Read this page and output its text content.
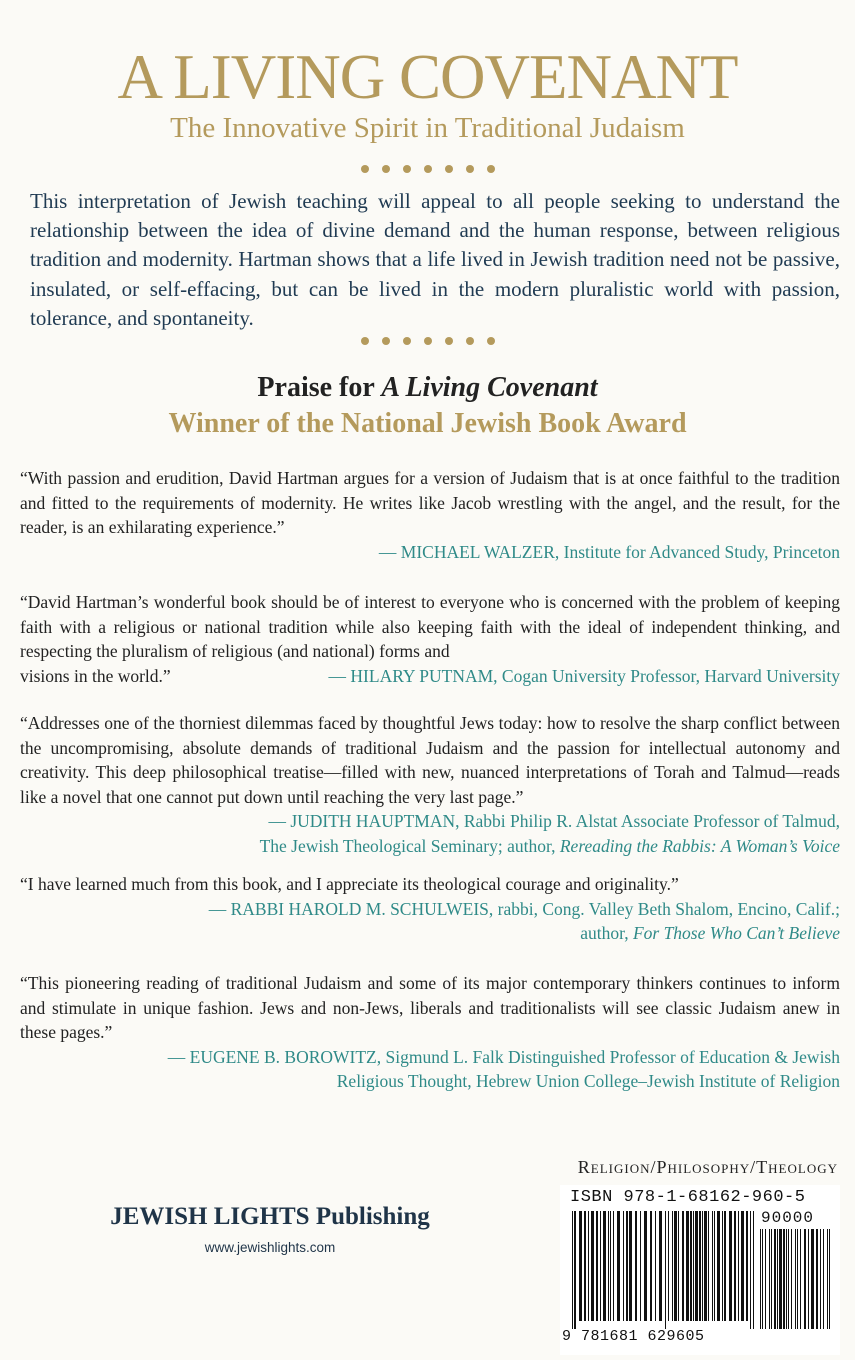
A LIVING COVENANT
The Innovative Spirit in Traditional Judaism

This interpretation of Jewish teaching will appeal to all people seeking to understand the relationship between the idea of divine demand and the human response, between religious tradition and modernity. Hartman shows that a life lived in Jewish tradition need not be passive, insulated, or self-effacing, but can be lived in the modern pluralistic world with passion, tolerance, and spontaneity.

Praise for A Living Covenant
Winner of the National Jewish Book Award

“With passion and erudition, David Hartman argues for a version of Judaism that is at once faithful to the tradition and fitted to the requirements of modernity. He writes like Jacob wrestling with the angel, and the result, for the reader, is an exhilarating experience.”

— MICHAEL WALZER, Institute for Advanced Study, Princeton

“David Hartman’s wonderful book should be of interest to everyone who is concerned with the problem of keeping faith with a religious or national tradition while also keeping faith with the ideal of independent thinking, and respecting the pluralism of religious (and national) forms and

visions in the world.”	— HILARY PUTNAM, Cogan University Professor, Harvard University

“Addresses one of the thorniest dilemmas faced by thoughtful Jews today: how to resolve the sharp conflict between the uncompromising, absolute demands of traditional Judaism and the passion for intellectual autonomy and creativity. This deep philosophical treatise—filled with new, nuanced interpretations of Torah and Talmud—reads like a novel that one cannot put down until reaching the very last page.”

— JUDITH HAUPTMAN, Rabbi Philip R. Alstat Associate Professor of Talmud,
The Jewish Theological Seminary; author, Rereading the Rabbis: A Woman’s Voice

“I have learned much from this book, and I appreciate its theological courage and originality.”

— RABBI HAROLD M. SCHULWEIS, rabbi, Cong. Valley Beth Shalom, Encino, Calif.;
author, For Those Who Can’t Believe

“This pioneering reading of traditional Judaism and some of its major contemporary thinkers continues to inform and stimulate in unique fashion. Jews and non-Jews, liberals and traditionalists will see classic Judaism anew in these pages.”

— EUGENE B. BOROWITZ, Sigmund L. Falk Distinguished Professor of Education & Jewish
Religious Thought, Hebrew Union College–Jewish Institute of Religion
Religion/Philosophy/Theology
JEWISH LIGHTS Publishing
www.jewishlights.com
ISBN 978-1-68162-960-5
90000
9 781681 629605
